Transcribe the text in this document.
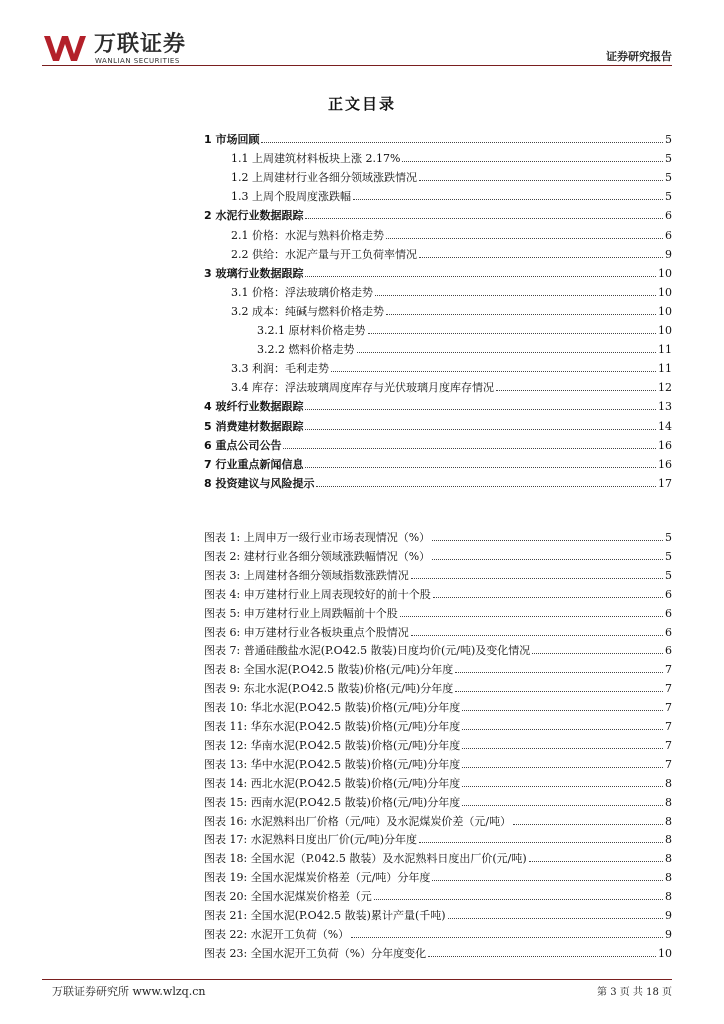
万联证券
WANLIAN SECURITIES	证券研究报告
正文目录
1 市场回顾	5
1.1 上周建筑材料板块上涨 2.17%	5
1.2 上周建材行业各细分领域涨跌情况	5
1.3 上周个股周度涨跌幅	5
2 水泥行业数据跟踪	6
2.1 价格：水泥与熟料价格走势	6
2.2 供给：水泥产量与开工负荷率情况	9
3 玻璃行业数据跟踪	10
3.1 价格：浮法玻璃价格走势	10
3.2 成本：纯碱与燃料价格走势	10
3.2.1 原材料价格走势	10
3.2.2 燃料价格走势	11
3.3 利润：毛利走势	11
3.4 库存：浮法玻璃周度库存与光伏玻璃月度库存情况	12
4 玻纤行业数据跟踪	13
5 消费建材数据跟踪	14
6 重点公司公告	16
7 行业重点新闻信息	16
8 投资建议与风险提示	17
图表 1: 上周申万一级行业市场表现情况（%）	5
图表 2: 建材行业各细分领域涨跌幅情况（%）	5
图表 3: 上周建材各细分领域指数涨跌情况	5
图表 4: 申万建材行业上周表现较好的前十个股	6
图表 5: 申万建材行业上周跌幅前十个股	6
图表 6: 申万建材行业各板块重点个股情况	6
图表 7: 普通硅酸盐水泥(P.O42.5 散装)日度均价(元/吨)及变化情况	6
图表 8: 全国水泥(P.O42.5 散装)价格(元/吨)分年度	7
图表 9: 东北水泥(P.O42.5 散装)价格(元/吨)分年度	7
图表 10: 华北水泥(P.O42.5 散装)价格(元/吨)分年度	7
图表 11: 华东水泥(P.O42.5 散装)价格(元/吨)分年度	7
图表 12: 华南水泥(P.O42.5 散装)价格(元/吨)分年度	7
图表 13: 华中水泥(P.O42.5 散装)价格(元/吨)分年度	7
图表 14: 西北水泥(P.O42.5 散装)价格(元/吨)分年度	8
图表 15: 西南水泥(P.O42.5 散装)价格(元/吨)分年度	8
图表 16: 水泥熟料出厂价格（元/吨）及水泥煤炭价差（元/吨）	8
图表 17: 水泥熟料日度出厂价(元/吨)分年度	8
图表 18: 全国水泥（P.042.5 散装）及水泥熟料日度出厂价(元/吨)	8
图表 19: 全国水泥煤炭价格差（元/吨）分年度	8
图表 20: 全国水泥煤炭价格差（元	8
图表 21: 全国水泥(P.O42.5 散装)累计产量(千吨)	9
图表 22: 水泥开工负荷（%）	9
图表 23: 全国水泥开工负荷（%）分年度变化	10
万联证券研究所 www.wlzq.cn	第 3 页 共 18 页
